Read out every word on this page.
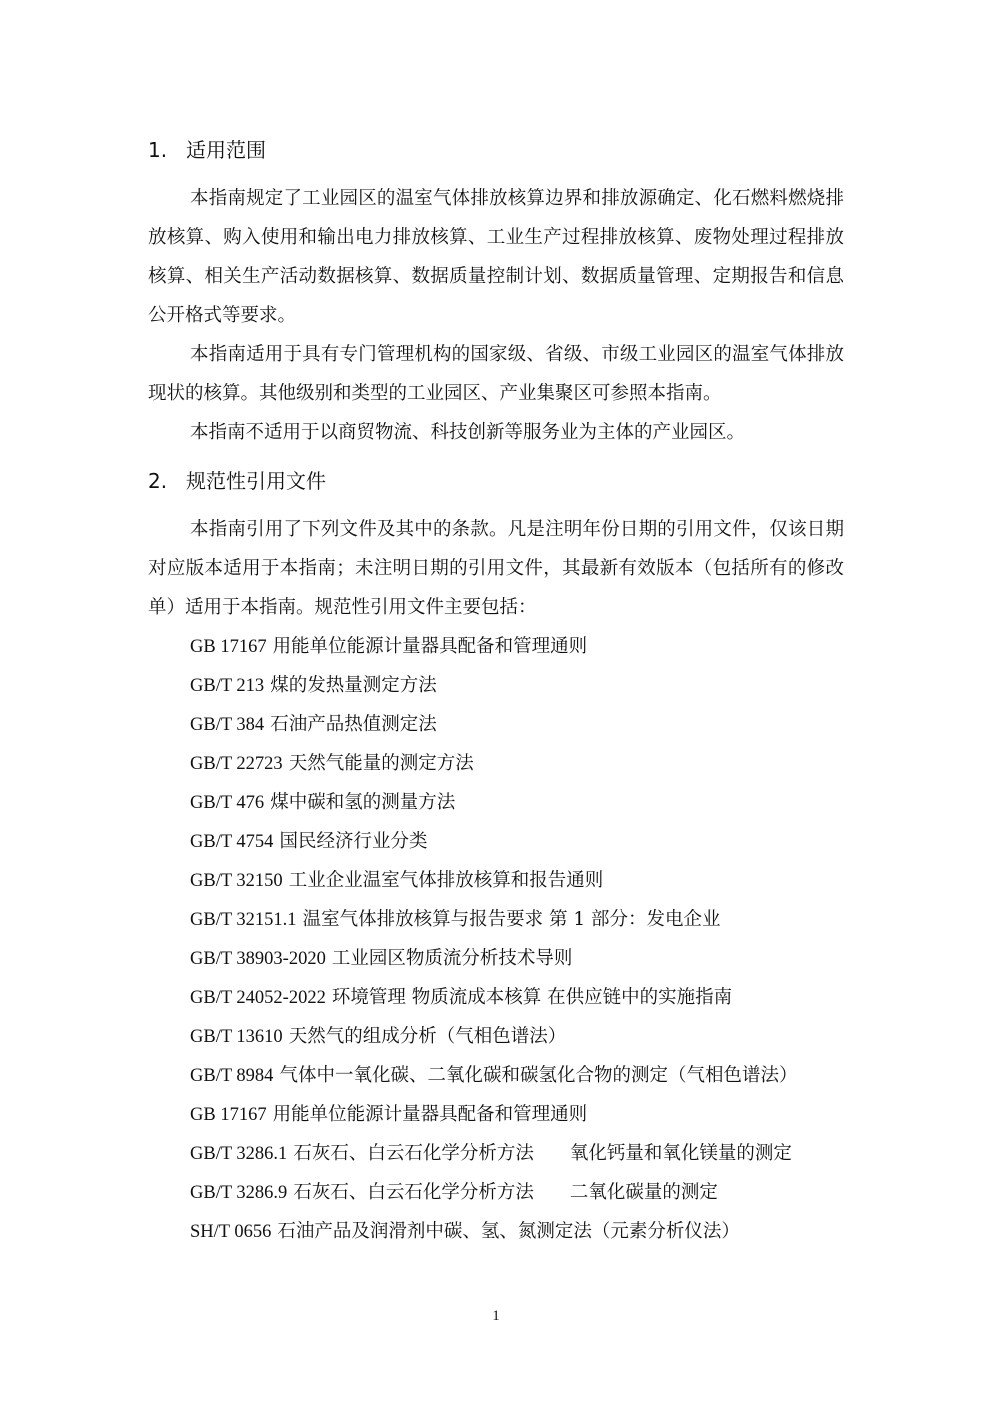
1. 适用范围

本指南规定了工业园区的温室气体排放核算边界和排放源确定、化石燃料燃烧排放核算、购入使用和输出电力排放核算、工业生产过程排放核算、废物处理过程排放核算、相关生产活动数据核算、数据质量控制计划、数据质量管理、定期报告和信息公开格式等要求。

本指南适用于具有专门管理机构的国家级、省级、市级工业园区的温室气体排放现状的核算。其他级别和类型的工业园区、产业集聚区可参照本指南。

本指南不适用于以商贸物流、科技创新等服务业为主体的产业园区。

2. 规范性引用文件

本指南引用了下列文件及其中的条款。凡是注明年份日期的引用文件，仅该日期对应版本适用于本指南；未注明日期的引用文件，其最新有效版本（包括所有的修改单）适用于本指南。规范性引用文件主要包括：

GB 17167 用能单位能源计量器具配备和管理通则
GB/T 213 煤的发热量测定方法
GB/T 384 石油产品热值测定法
GB/T 22723 天然气能量的测定方法
GB/T 476 煤中碳和氢的测量方法
GB/T 4754 国民经济行业分类
GB/T 32150 工业企业温室气体排放核算和报告通则
GB/T 32151.1 温室气体排放核算与报告要求 第 1 部分：发电企业
GB/T 38903-2020 工业园区物质流分析技术导则
GB/T 24052-2022 环境管理 物质流成本核算 在供应链中的实施指南
GB/T 13610 天然气的组成分析（气相色谱法）
GB/T 8984 气体中一氧化碳、二氧化碳和碳氢化合物的测定（气相色谱法）
GB 17167 用能单位能源计量器具配备和管理通则
GB/T 3286.1 石灰石、白云石化学分析方法 氧化钙量和氧化镁量的测定
GB/T 3286.9 石灰石、白云石化学分析方法 二氧化碳量的测定
SH/T 0656 石油产品及润滑剂中碳、氢、氮测定法（元素分析仪法）
1
